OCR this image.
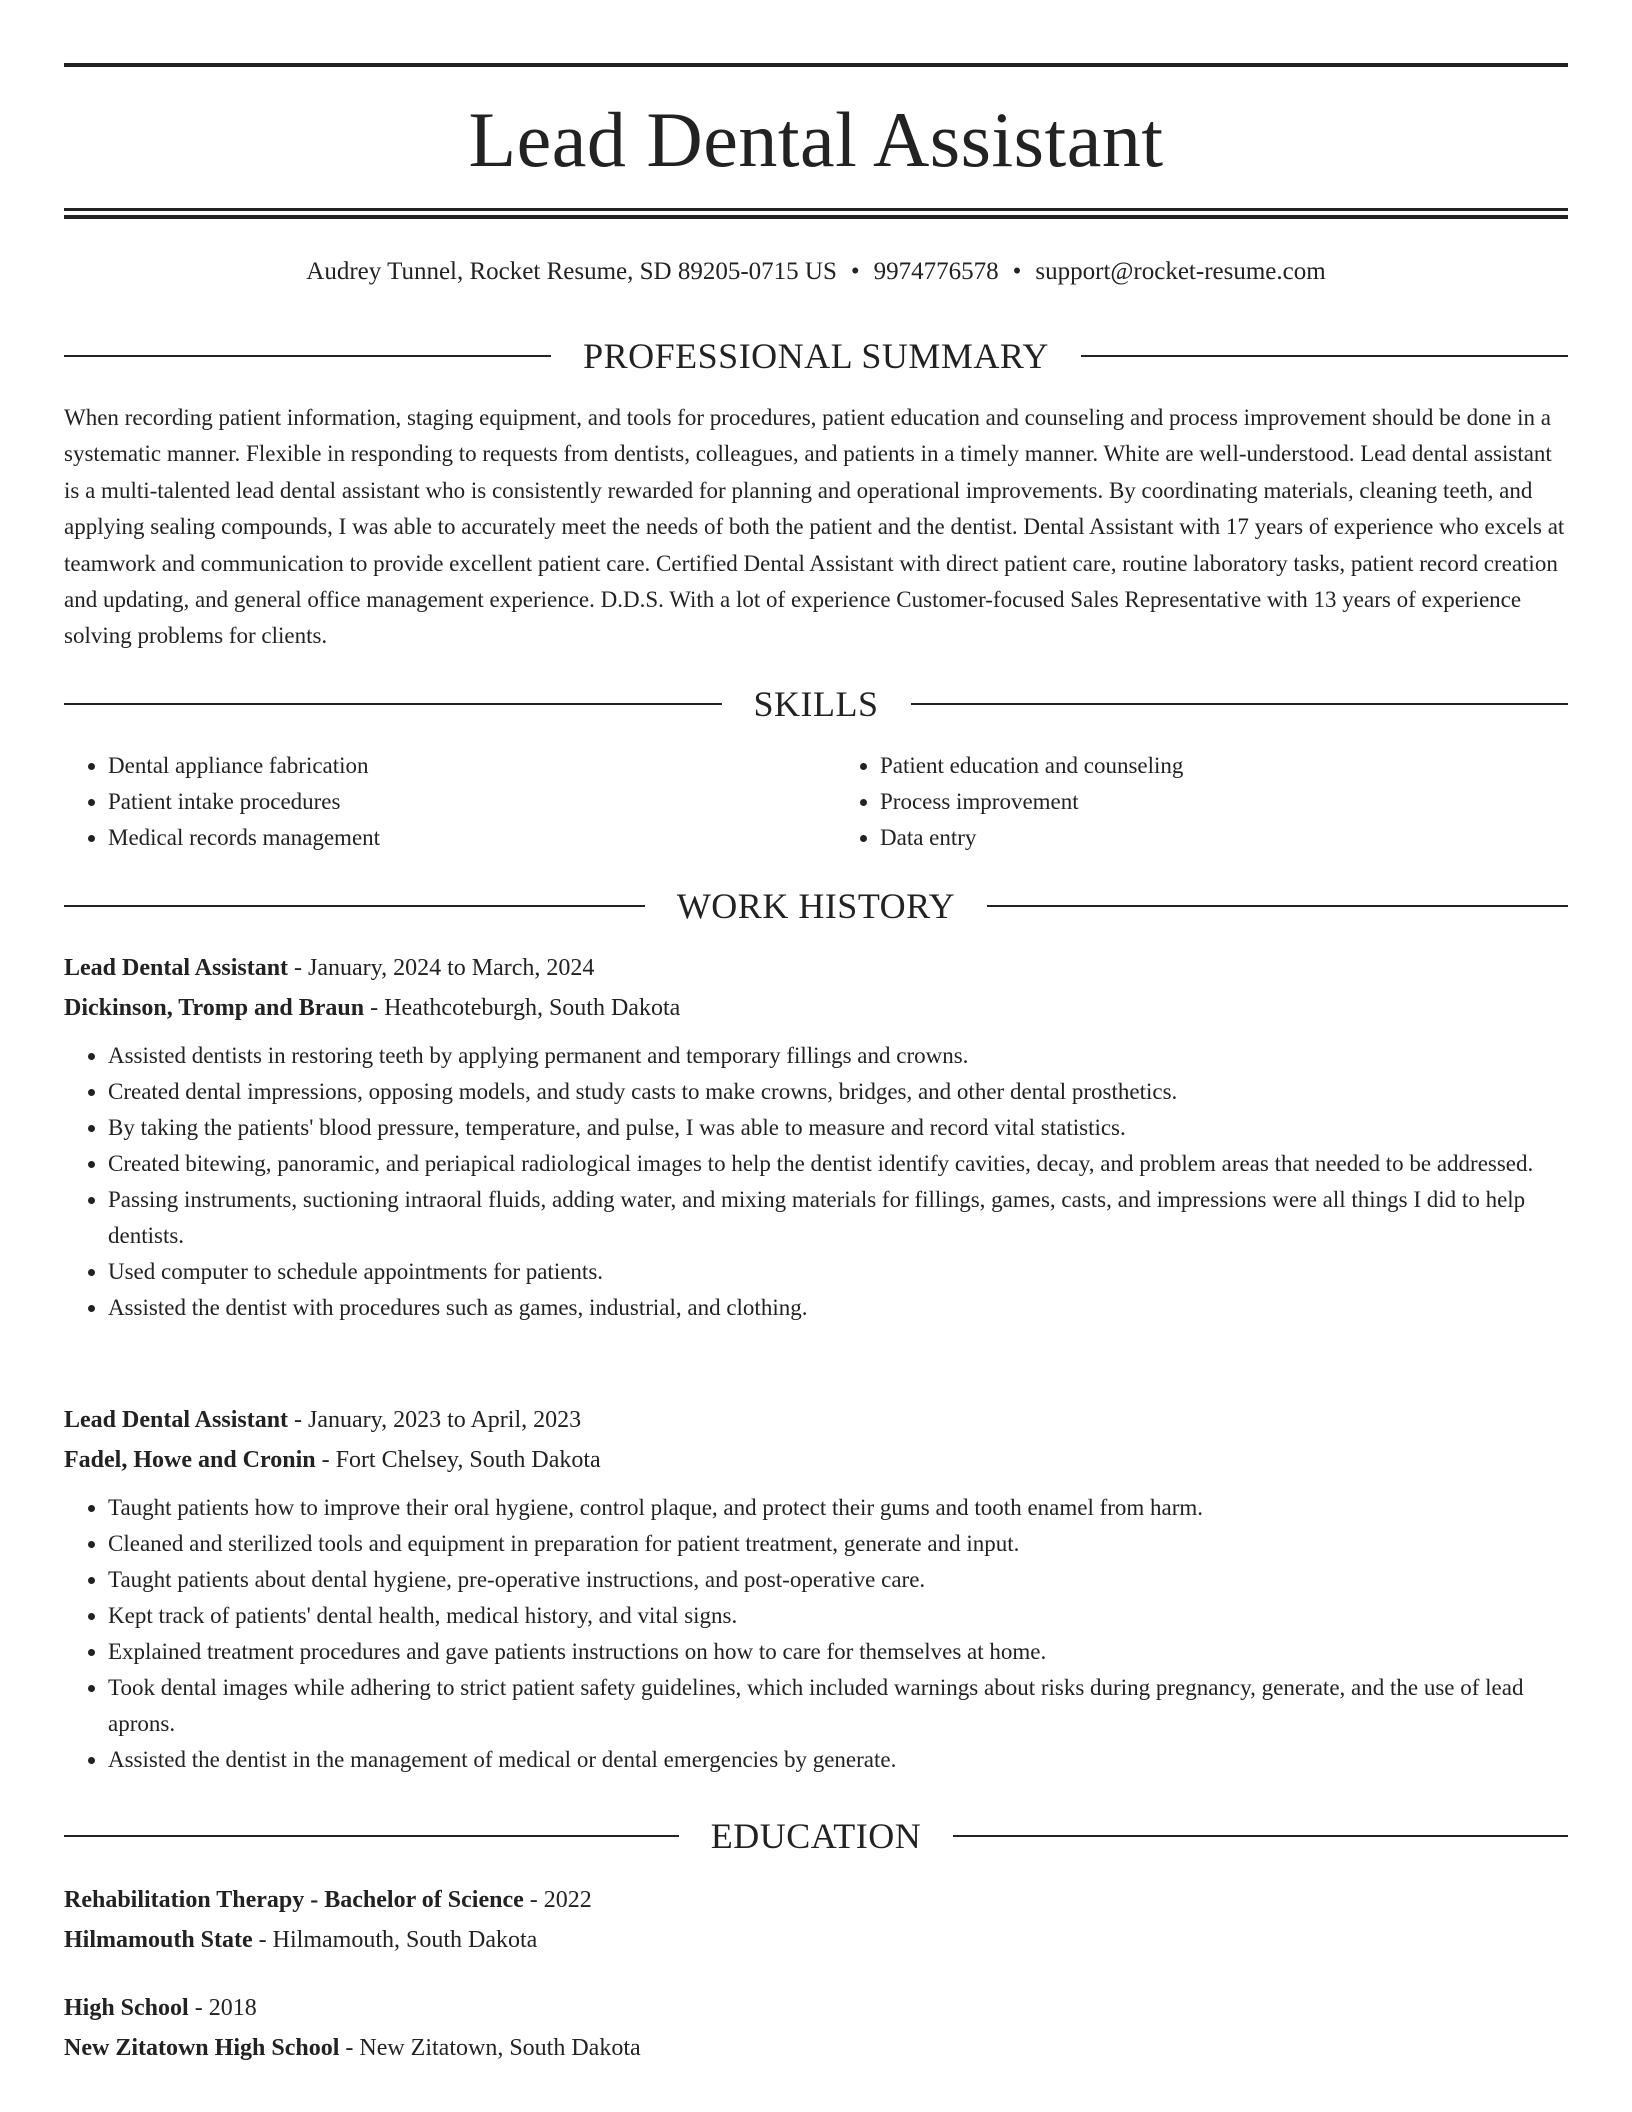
Lead Dental Assistant
Audrey Tunnel, Rocket Resume, SD 89205-0715 US • 9974776578 • support@rocket-resume.com
PROFESSIONAL SUMMARY

When recording patient information, staging equipment, and tools for procedures, patient education and counseling and process improvement should be done in a systematic manner. Flexible in responding to requests from dentists, colleagues, and patients in a timely manner. White are well-understood. Lead dental assistant is a multi-talented lead dental assistant who is consistently rewarded for planning and operational improvements. By coordinating materials, cleaning teeth, and applying sealing compounds, I was able to accurately meet the needs of both the patient and the dentist. Dental Assistant with 17 years of experience who excels at teamwork and communication to provide excellent patient care. Certified Dental Assistant with direct patient care, routine laboratory tasks, patient record creation and updating, and general office management experience. D.D.S. With a lot of experience Customer-focused Sales Representative with 13 years of experience solving problems for clients.

SKILLS
• Dental appliance fabrication
• Patient intake procedures
• Medical records management
• Patient education and counseling
• Process improvement
• Data entry
WORK HISTORY

Lead Dental Assistant - January, 2024 to March, 2024

Dickinson, Tromp and Braun - Heathcoteburgh, South Dakota

• Assisted dentists in restoring teeth by applying permanent and temporary fillings and crowns.
• Created dental impressions, opposing models, and study casts to make crowns, bridges, and other dental prosthetics.
• By taking the patients' blood pressure, temperature, and pulse, I was able to measure and record vital statistics.
• Created bitewing, panoramic, and periapical radiological images to help the dentist identify cavities, decay, and problem areas that needed to be addressed.
• Passing instruments, suctioning intraoral fluids, adding water, and mixing materials for fillings, games, casts, and impressions were all things I did to help dentists.
• Used computer to schedule appointments for patients.
• Assisted the dentist with procedures such as games, industrial, and clothing.

Lead Dental Assistant - January, 2023 to April, 2023

Fadel, Howe and Cronin - Fort Chelsey, South Dakota

• Taught patients how to improve their oral hygiene, control plaque, and protect their gums and tooth enamel from harm.
• Cleaned and sterilized tools and equipment in preparation for patient treatment, generate and input.
• Taught patients about dental hygiene, pre-operative instructions, and post-operative care.
• Kept track of patients' dental health, medical history, and vital signs.
• Explained treatment procedures and gave patients instructions on how to care for themselves at home.
• Took dental images while adhering to strict patient safety guidelines, which included warnings about risks during pregnancy, generate, and the use of lead aprons.
• Assisted the dentist in the management of medical or dental emergencies by generate.
EDUCATION

Rehabilitation Therapy - Bachelor of Science - 2022

Hilmamouth State - Hilmamouth, South Dakota

High School - 2018

New Zitatown High School - New Zitatown, South Dakota
